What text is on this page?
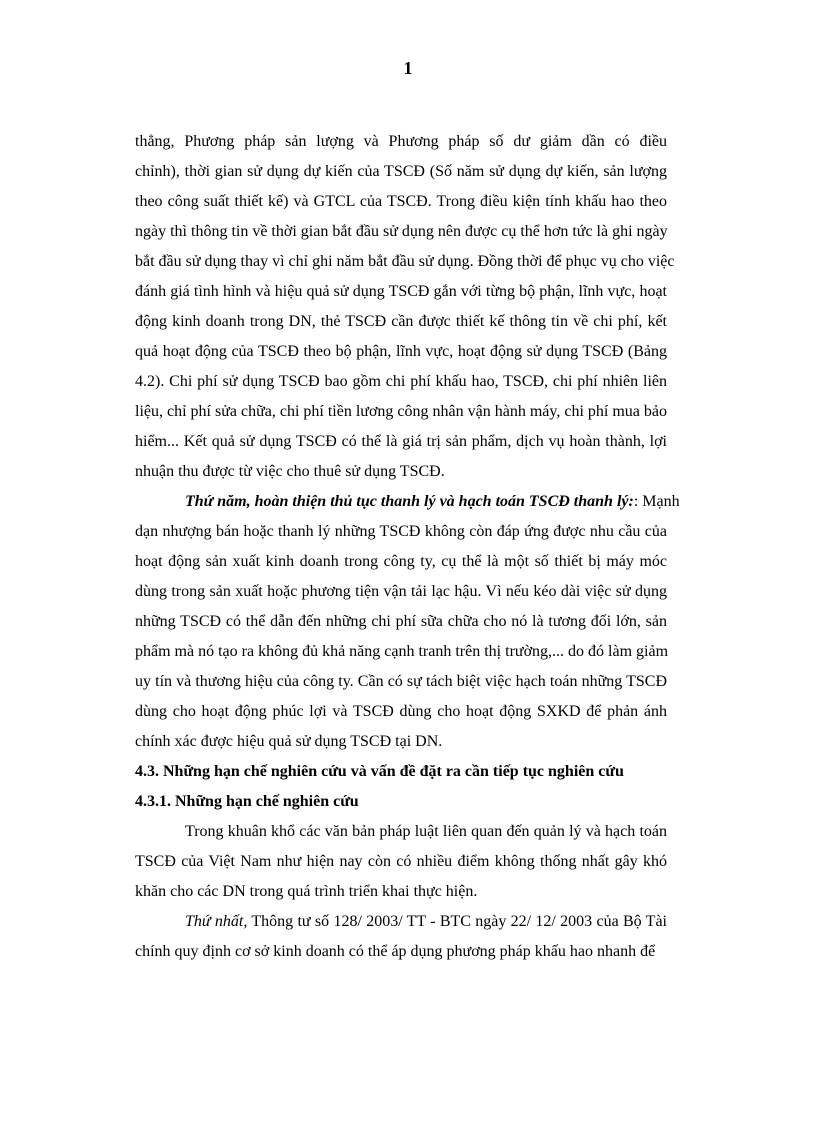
1
thẳng, Phương pháp sản lượng và Phương pháp số dư giảm dần có điều
chỉnh), thời gian sử dụng dự kiến của TSCĐ (Số năm sử dụng dự kiến, sản lượng
theo công suất thiết kế) và GTCL của TSCĐ. Trong điều kiện tính khấu hao theo
ngày thì thông tin về thời gian bắt đầu sử dụng nên được cụ thể hơn tức là ghi ngày
bắt đầu sử dụng thay vì chỉ ghi năm bắt đầu sử dụng. Đồng thời để phục vụ cho việc
đánh giá tình hình và hiệu quả sử dụng TSCĐ gắn với từng bộ phận, lĩnh vực, hoạt
động kinh doanh trong DN, thẻ TSCĐ cần được thiết kế thông tin về chi phí, kết
quả hoạt động của TSCĐ theo bộ phận, lĩnh vực, hoạt động sử dụng TSCĐ (Bảng
4.2). Chi phí sử dụng TSCĐ bao gồm chi phí khấu hao, TSCĐ, chi phí nhiên liên
liệu, chỉ phí sửa chữa, chi phí tiền lương công nhân vận hành máy, chi phí mua bảo
hiểm... Kết quả sử dụng TSCĐ có thể là giá trị sản phẩm, dịch vụ hoàn thành, lợi
nhuận thu được từ việc cho thuê sử dụng TSCĐ.
Thứ năm, hoàn thiện thủ tục thanh lý và hạch toán TSCĐ thanh lý:: Mạnh
dạn nhượng bán hoặc thanh lý những TSCĐ không còn đáp ứng được nhu cầu của
hoạt động sản xuất kinh doanh trong công ty, cụ thể là một số thiết bị máy móc
dùng trong sản xuất hoặc phương tiện vận tải lạc hậu. Vì nếu kéo dài việc sử dụng
những TSCĐ có thể dẫn đến những chi phí sữa chữa cho nó là tương đối lớn, sản
phẩm mà nó tạo ra không đủ khả năng cạnh tranh trên thị trường,... do đó làm giảm
uy tín và thương hiệu của công ty. Cần có sự tách biệt việc hạch toán những TSCĐ
dùng cho hoạt động phúc lợi và TSCĐ dùng cho hoạt động SXKD để phản ánh
chính xác được hiệu quả sử dụng TSCĐ tại DN.
4.3. Những hạn chế nghiên cứu và vấn đề đặt ra cần tiếp tục nghiên cứu
4.3.1. Những hạn chế nghiên cứu
Trong khuân khổ các văn bản pháp luật liên quan đến quản lý và hạch toán
TSCĐ của Việt Nam như hiện nay còn có nhiều điểm không thống nhất gây khó
khăn cho các DN trong quá trình triển khai thực hiện.
Thứ nhất, Thông tư số 128/ 2003/ TT - BTC ngày 22/ 12/ 2003 của Bộ Tài
chính quy định cơ sở kinh doanh có thể áp dụng phương pháp khấu hao nhanh để
